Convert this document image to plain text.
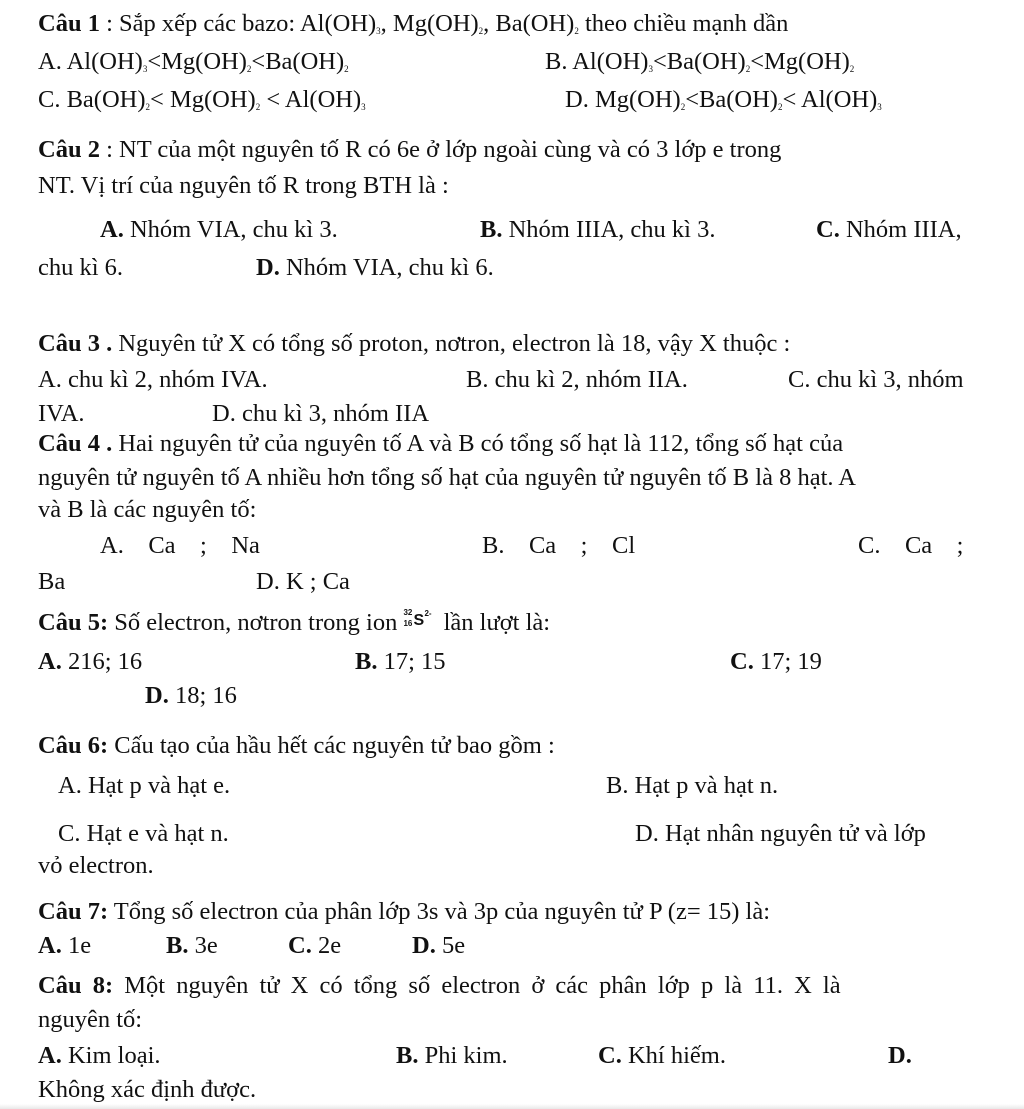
Câu 1 : Sắp xếp các bazo: $Al(OH)_3$, $Mg(OH)_2$, $Ba(OH)_2$ theo chiều mạnh dần
A. $Al(OH)_3<Mg(OH)_2<Ba(OH)_2$	B. $Al(OH)_3<Ba(OH)_2<Mg(OH)_2$
C. $Ba(OH)_2< Mg(OH)_2 < Al(OH)_3$	D. $Mg(OH)_2<Ba(OH)_2< Al(OH)_3$
Câu 2 : NT của một nguyên tố R có 6e ở lớp ngoài cùng và có 3 lớp e trong
NT. Vị trí của nguyên tố R trong BTH là :
A. Nhóm VIA, chu kì 3.	B. Nhóm IIIA, chu kì 3.	C. Nhóm IIIA,
chu kì 6.	D. Nhóm VIA, chu kì 6.
Câu 3 . Nguyên tử X có tổng số proton, nơtron, electron là 18, vậy X thuộc :
A. chu kì 2, nhóm IVA.	B. chu kì 2, nhóm IIA.	C. chu kì 3, nhóm
IVA.	D. chu kì 3, nhóm IIA
Câu 4 . Hai nguyên tử của nguyên tố A và B có tổng số hạt là 112, tổng số hạt của
nguyên tử nguyên tố A nhiều hơn tổng số hạt của nguyên tử nguyên tố B là 8 hạt. A
và B là các nguyên tố:
A.    Ca    ;    Na	B.    Ca    ;    Cl	C.    Ca    ;
Ba	D. K ; Ca
Câu 5: Số electron, nơtron trong ion 32
16 S 2- lần lượt là:
A. 216; 16	B. 17; 15	C. 17; 19
D. 18; 16
Câu 6: Cấu tạo của hầu hết các nguyên tử bao gồm :
A. Hạt p và hạt e.	B. Hạt p và hạt n.
C. Hạt e và hạt n.	D. Hạt nhân nguyên tử và lớp
vỏ electron.
Câu 7: Tổng số electron của phân lớp 3s và 3p của nguyên tử P (z= 15) là:
A. 1e	B. 3e	C. 2e	D. 5e
Câu 8: Một nguyên tử X có tổng số electron ở các phân lớp p là 11. X là
nguyên tố:
A. Kim loại.	B. Phi kim.	C. Khí hiếm.	D.
Không xác định được.
